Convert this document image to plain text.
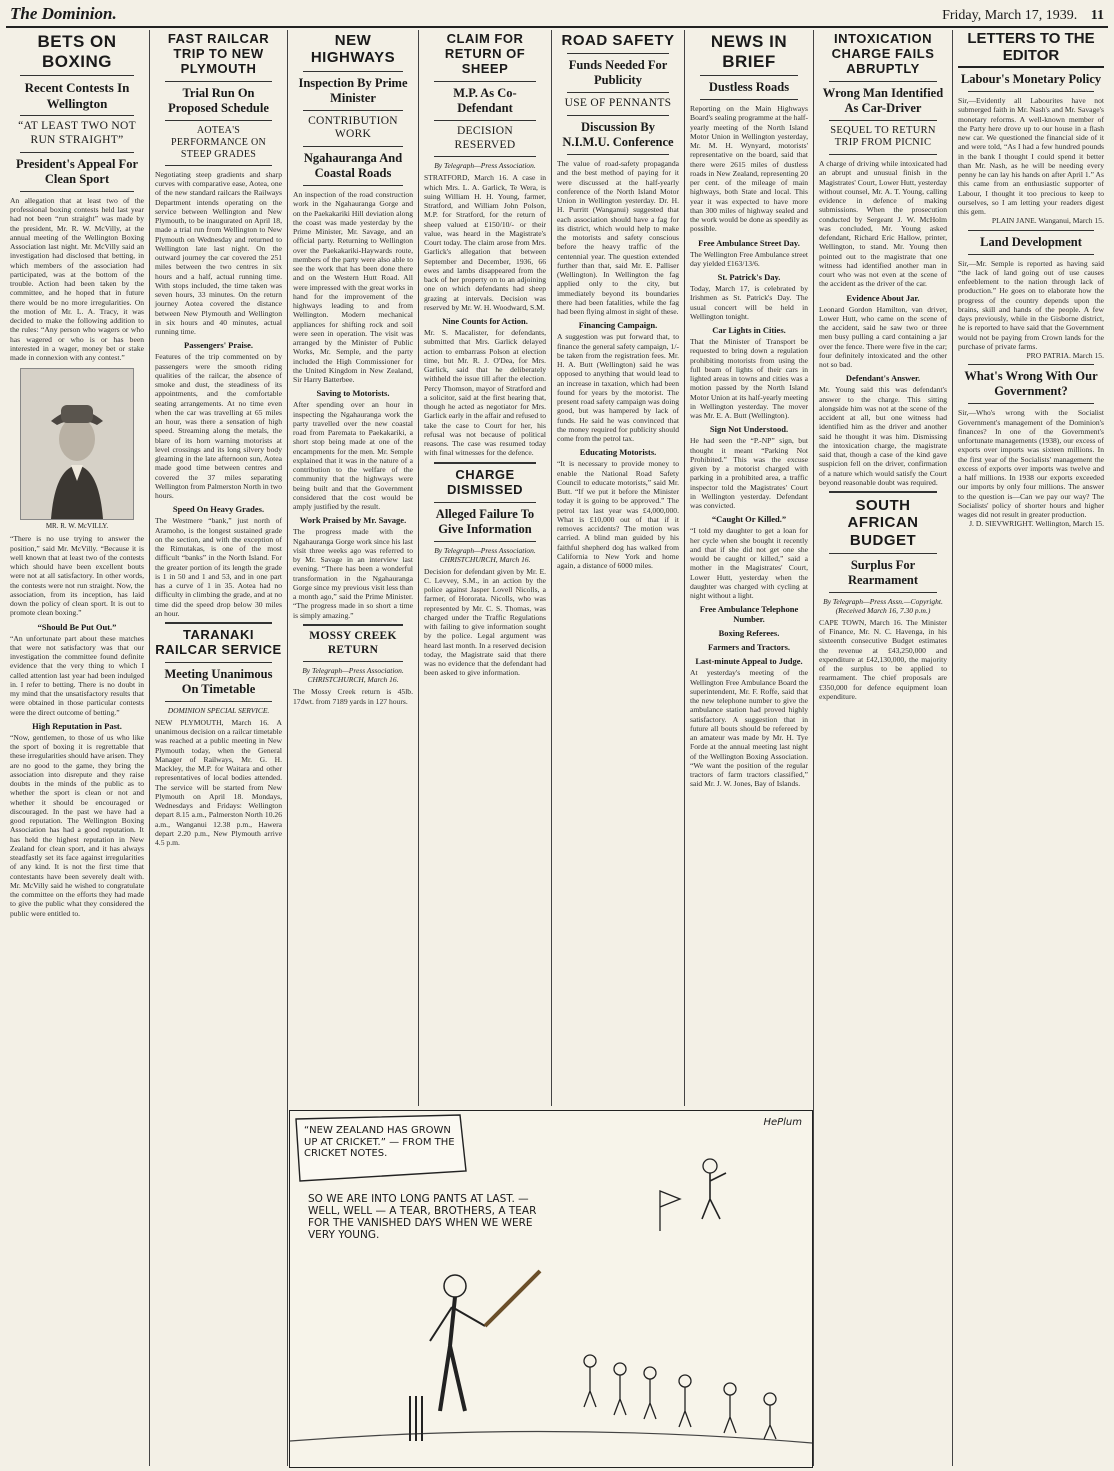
The Dominion.	Friday, March 17, 1939. 11
BETS ON BOXING
Recent Contests In Wellington
“AT LEAST TWO NOT RUN STRAIGHT”
President's Appeal For Clean Sport
An allegation that at least two of the professional boxing contests held last year had not been “run straight” was made by the president, Mr. R. W. McVilly, at the annual meeting of the Wellington Boxing Association last night. Mr. McVilly said an investigation had disclosed that betting, in which members of the association had participated, was at the bottom of the trouble. Action had been taken by the committee, and he hoped that in future there would be no more irregularities. On the motion of Mr. L. A. Tracy, it was decided to make the following addition to the rules: “Any person who wagers or who has wagered or who is or has been interested in a wager, money bet or stake made in connexion with any contest.”
MR. R. W. McVILLY.
“There is no use trying to answer the position,” said Mr. McVilly. “Because it is well known that at least two of the contests which should have been excellent bouts were not at all satisfactory. In other words, the contests were not run straight. Now, the association, from its inception, has laid down the policy of clean sport. It is out to promote clean boxing.”
“Should Be Put Out.”
“An unfortunate part about these matches that were not satisfactory was that our investigation the committee found definite evidence that the very thing to which I called attention last year had been indulged in. I refer to betting. There is no doubt in my mind that the unsatisfactory results that were obtained in those particular contests were the direct outcome of betting.”
High Reputation in Past.
“Now, gentlemen, to those of us who like the sport of boxing it is regrettable that these irregularities should have arisen. They are no good to the game, they bring the association into disrepute and they raise doubts in the minds of the public as to whether the sport is clean or not and whether it should be encouraged or discouraged. In the past we have had a good reputation. The Wellington Boxing Association has had a good reputation. It has held the highest reputation in New Zealand for clean sport, and it has always steadfastly set its face against irregularities of any kind. It is not the first time that contestants have been severely dealt with. Mr. McVilly said he wished to congratulate the committee on the efforts they had made to give the public what they considered the public were entitled to.
FAST RAILCAR TRIP TO NEW PLYMOUTH
Trial Run On Proposed Schedule
AOTEA'S PERFORMANCE ON STEEP GRADES
Negotiating steep gradients and sharp curves with comparative ease, Aotea, one of the new standard railcars the Railways Department intends operating on the service between Wellington and New Plymouth, to be inaugurated on April 18, made a trial run from Wellington to New Plymouth on Wednesday and returned to Wellington late last night. On the outward journey the car covered the 251 miles between the two centres in six hours and a half, actual running time. With stops included, the time taken was seven hours, 33 minutes. On the return journey Aotea covered the distance between New Plymouth and Wellington in six hours and 40 minutes, actual running time.
Passengers' Praise.
Features of the trip commented on by passengers were the smooth riding qualities of the railcar, the absence of smoke and dust, the steadiness of its appointments, and the comfortable seating arrangements. At no time even when the car was travelling at 65 miles an hour, was there a sensation of high speed. Streaming along the metals, the blare of its horn warning motorists at level crossings and its long silvery body gleaming in the late afternoon sun, Aotea made good time between centres and covered the 37 miles separating Wellington from Palmerston North in two hours.
Speed On Heavy Grades.
The Westmere “bank,” just north of Aramoho, is the longest sustained grade on the section, and with the exception of the Rimutakas, is one of the most difficult “banks” in the North Island. For the greater portion of its length the grade is 1 in 50 and 1 and 53, and in one part has a curve of 1 in 35. Aotea had no difficulty in climbing the grade, and at no time did the speed drop below 30 miles an hour.
TARANAKI RAILCAR SERVICE
Meeting Unanimous On Timetable
DOMINION SPECIAL SERVICE.
NEW PLYMOUTH, March 16. A unanimous decision on a railcar timetable was reached at a public meeting in New Plymouth today, when the General Manager of Railways, Mr. G. H. Mackley, the M.P. for Waitara and other representatives of local bodies attended. The service will be started from New Plymouth on April 18. Mondays, Wednesdays and Fridays: Wellington depart 8.15 a.m., Palmerston North 10.26 a.m., Wanganui 12.38 p.m., Hawera depart 2.20 p.m., New Plymouth arrive 4.5 p.m.
NEW HIGHWAYS
Inspection By Prime Minister
CONTRIBUTION WORK
Ngahauranga And Coastal Roads
An inspection of the road construction work in the Ngahauranga Gorge and on the Paekakariki Hill deviation along the coast was made yesterday by the Prime Minister, Mr. Savage, and an official party. Returning to Wellington over the Paekakariki-Haywards route, members of the party were also able to see the work that has been done there and on the Western Hutt Road. All were impressed with the great works in hand for the improvement of the highways leading to and from Wellington. Modern mechanical appliances for shifting rock and soil were seen in operation. The visit was arranged by the Minister of Public Works, Mr. Semple, and the party included the High Commissioner for the United Kingdom in New Zealand, Sir Harry Batterbee.
Saving to Motorists.
After spending over an hour in inspecting the Ngahauranga work the party travelled over the new coastal road from Paremata to Paekakariki, a short stop being made at one of the encampments for the men. Mr. Semple explained that it was in the nature of a contribution to the welfare of the community that the highways were being built and that the Government considered that the cost would be amply justified by the result.
Work Praised by Mr. Savage.
The progress made with the Ngahauranga Gorge work since his last visit three weeks ago was referred to by Mr. Savage in an interview last evening. “There has been a wonderful transformation in the Ngahauranga Gorge since my previous visit less than a month ago,” said the Prime Minister. “The progress made in so short a time is simply amazing.”
MOSSY CREEK RETURN
By Telegraph—Press Association. CHRISTCHURCH, March 16.
The Mossy Creek return is 45lb. 17dwt. from 7189 yards in 127 hours.
CLAIM FOR RETURN OF SHEEP
M.P. As Co-Defendant
DECISION RESERVED
By Telegraph—Press Association.
STRATFORD, March 16. A case in which Mrs. L. A. Garlick, Te Wera, is suing William H. H. Young, farmer, Stratford, and William John Polson, M.P. for Stratford, for the return of sheep valued at £150/10/- or their value, was heard in the Magistrate's Court today. The claim arose from Mrs. Garlick's allegation that between September and December, 1936, 66 ewes and lambs disappeared from the back of her property on to an adjoining one on which defendants had sheep grazing at intervals. Decision was reserved by Mr. W. H. Woodward, S.M.
Nine Counts for Action.
Mr. S. Macalister, for defendants, submitted that Mrs. Garlick delayed action to embarrass Polson at election time, but Mr. R. J. O'Dea, for Mrs. Garlick, said that he deliberately withheld the issue till after the election. Percy Thomson, mayor of Stratford and a solicitor, said at the first hearing that, though he acted as negotiator for Mrs. Garlick early in the affair and refused to take the case to Court for her, his refusal was not because of political reasons. The case was resumed today with final witnesses for the defence.
CHARGE DISMISSED
Alleged Failure To Give Information
By Telegraph—Press Association. CHRISTCHURCH, March 16.
Decision for defendant given by Mr. E. C. Levvey, S.M., in an action by the police against Jasper Lovell Nicolls, a farmer, of Hororata. Nicolls, who was represented by Mr. C. S. Thomas, was charged under the Traffic Regulations with failing to give information sought by the police. Legal argument was heard last month. In a reserved decision today, the Magistrate said that there was no evidence that the defendant had been asked to give information.
ROAD SAFETY
Funds Needed For Publicity
USE OF PENNANTS
Discussion By N.I.M.U. Conference
The value of road-safety propaganda and the best method of paying for it were discussed at the half-yearly conference of the North Island Motor Union in Wellington yesterday. Dr. H. H. Purritt (Wanganui) suggested that each association should have a fag for its district, which would help to make the motorists and safety conscious before the heavy traffic of the centennial year. The question extended further than that, said Mr. E. Palliser (Wellington). In Wellington the fag applied only to the city, but immediately beyond its boundaries there had been fatalities, while the fag had been flying almost in sight of these.
Financing Campaign.
A suggestion was put forward that, to finance the general safety campaign, 1/- be taken from the registration fees. Mr. H. A. Butt (Wellington) said he was opposed to anything that would lead to an increase in taxation, which had been found for years by the motorist. The present road safety campaign was doing good, but was hampered by lack of funds. He said he was convinced that the money required for publicity should come from the petrol tax.
Educating Motorists.
“It is necessary to provide money to enable the National Road Safety Council to educate motorists,” said Mr. Butt. “If we put it before the Minister today it is going to be approved.” The petrol tax last year was £4,000,000. What is £10,000 out of that if it removes accidents? The motion was carried. A blind man guided by his faithful shepherd dog has walked from California to New York and home again, a distance of 6000 miles.
NEWS IN BRIEF
Dustless Roads
Reporting on the Main Highways Board's sealing programme at the half-yearly meeting of the North Island Motor Union in Wellington yesterday, Mr. M. H. Wynyard, motorists' representative on the board, said that there were 2615 miles of dustless roads in New Zealand, representing 20 per cent. of the mileage of main highways, both State and local. This year it was expected to have more than 300 miles of highway sealed and the work would be done as speedily as possible.
Free Ambulance Street Day.
The Wellington Free Ambulance street day yielded £163/13/6.
St. Patrick's Day.
Today, March 17, is celebrated by Irishmen as St. Patrick's Day. The usual concert will be held in Wellington tonight.
Car Lights in Cities.
That the Minister of Transport be requested to bring down a regulation prohibiting motorists from using the full beam of lights of their cars in lighted areas in towns and cities was a motion passed by the North Island Motor Union at its half-yearly meeting in Wellington yesterday. The mover was Mr. E. A. Butt (Wellington).
Sign Not Understood.
He had seen the “P.-NP” sign, but thought it meant “Parking Not Prohibited.” This was the excuse given by a motorist charged with parking in a prohibited area, a traffic inspector told the Magistrates' Court in Wellington yesterday. Defendant was convicted.
“Caught Or Killed.”
“I told my daughter to get a loan for her cycle when she bought it recently and that if she did not get one she would be caught or killed,” said a mother in the Magistrates' Court, Lower Hutt, yesterday when the daughter was charged with cycling at night without a light.
Free Ambulance Telephone Number.
Boxing Referees.
Farmers and Tractors.
Last-minute Appeal to Judge.
At yesterday's meeting of the Wellington Free Ambulance Board the superintendent, Mr. F. Roffe, said that the new telephone number to give the ambulance station had proved highly satisfactory. A suggestion that in future all bouts should be refereed by an amateur was made by Mr. H. Tye Forde at the annual meeting last night of the Wellington Boxing Association. “We want the position of the regular tractors of farm tractors classified,” said Mr. J. W. Jones, Bay of Islands.
INTOXICATION CHARGE FAILS ABRUPTLY
Wrong Man Identified As Car-Driver
SEQUEL TO RETURN TRIP FROM PICNIC
A charge of driving while intoxicated had an abrupt and unusual finish in the Magistrates' Court, Lower Hutt, yesterday without counsel, Mr. A. T. Young, calling evidence in defence of making submissions. When the prosecution conducted by Sergeant J. W. McHolm was concluded, Mr. Young asked defendant, Richard Eric Hallow, printer, Wellington, to stand. Mr. Young then pointed out to the magistrate that one witness had identified another man in court who was not even at the scene of the accident as the driver of the car.
Evidence About Jar.
Leonard Gordon Hamilton, van driver, Lower Hutt, who came on the scene of the accident, said he saw two or three men busy pulling a card containing a jar over the fence. There were five in the car; four definitely intoxicated and the other not so bad.
Defendant's Answer.
Mr. Young said this was defendant's answer to the charge. This sitting alongside him was not at the scene of the accident at all, but one witness had identified him as the driver and another said he thought it was him. Dismissing the intoxication charge, the magistrate said that, though a case of the kind gave suspicion fell on the driver, confirmation of a nature which would satisfy the Court beyond reasonable doubt was required.
SOUTH AFRICAN BUDGET
Surplus For Rearmament
By Telegraph—Press Assn.—Copyright. (Received March 16, 7.30 p.m.)
CAPE TOWN, March 16. The Minister of Finance, Mr. N. C. Havenga, in his sixteenth consecutive Budget estimates the revenue at £43,250,000 and expenditure at £42,130,000, the majority of the surplus to be applied to rearmament. The chief proposals are £350,000 for defence equipment loan expenditure.
LETTERS TO THE EDITOR
Labour's Monetary Policy
Sir,—Evidently all Labourites have not submerged faith in Mr. Nash's and Mr. Savage's monetary reforms. A well-known member of the Party here drove up to our house in a flash new car. We questioned the financial side of it and were told, “As I had a few hundred pounds in the bank I thought I could spend it better than Mr. Nash, as he will be needing every penny he can lay his hands on after April 1.” As this came from an enthusiastic supporter of Labour, I thought it too precious to keep to ourselves, so I am letting your readers digest this gem.
PLAIN JANE. Wanganui, March 15.
Land Development
Sir,—Mr. Semple is reported as having said “the lack of land going out of use causes enfeeblement to the nation through lack of production.” He goes on to elaborate how the progress of the country depends upon the brains, skill and hands of the people. A few days previously, while in the Gisborne district, he is reported to have said that the Government would not be paying from Crown lands for the purchase of private farms.
PRO PATRIA. March 15.
What's Wrong With Our Government?
Sir,—Who's wrong with the Socialist Government's management of the Dominion's finances? In one of the Government's unfortunate managements (1938), our excess of exports over imports was sixteen millions. In the first year of the Socialists' management the excess of exports over imports was twelve and a half millions. In 1938 our exports exceeded our imports by only four millions. The answer to the question is—Can we pay our way? The Socialists' policy of shorter hours and higher wages did not result in greater production.
J. D. SIEVWRIGHT. Wellington, March 15.
“NEW ZEALAND HAS GROWN UP AT CRICKET.” — FROM THE CRICKET NOTES.
SO WE ARE INTO LONG PANTS AT LAST. — WELL, WELL — A TEAR, BROTHERS, A TEAR FOR THE VANISHED DAYS WHEN WE WERE VERY YOUNG.
HePlum
